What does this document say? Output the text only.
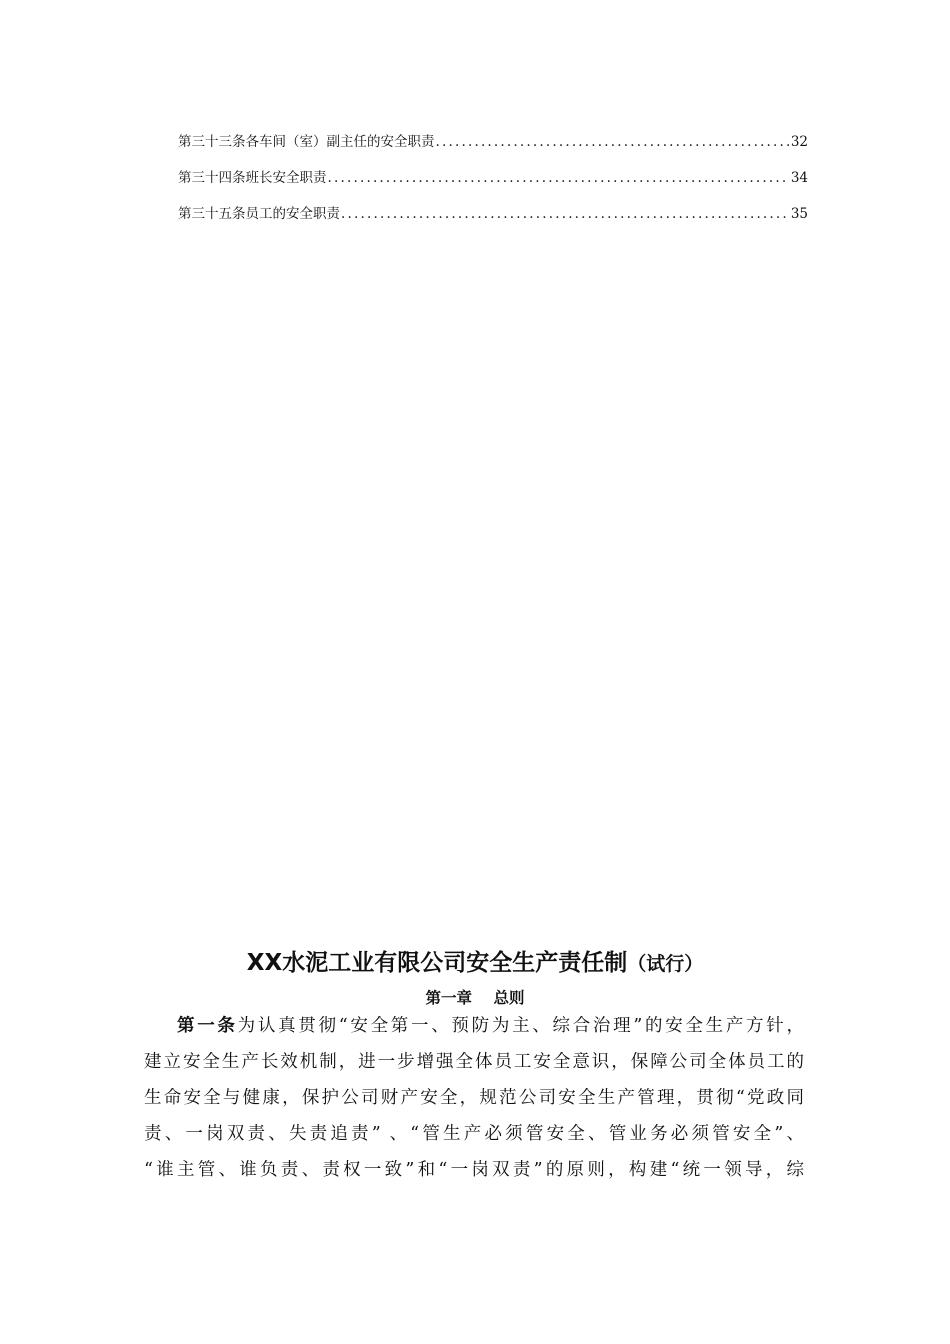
第三十三条各车间（室）副主任的安全职责 .....	32
第三十四条班长安全职责 .....	34
第三十五条员工的安全职责 .....	35
XX水泥工业有限公司安全生产责任制（试行）
第一章    总则
第一条为认真贯彻“安全第一、预防为主、综合治理”的安全生产方针，
建立安全生产长效机制，进一步增强全体员工安全意识，保障公司全体员工的
生命安全与健康，保护公司财产安全，规范公司安全生产管理，贯彻“党政同
责、一岗双责、失责追责” 、“管生产必须管安全、管业务必须管安全”、
“谁主管、谁负责、责权一致”和“一岗双责”的原则，构建“统一领导，综
